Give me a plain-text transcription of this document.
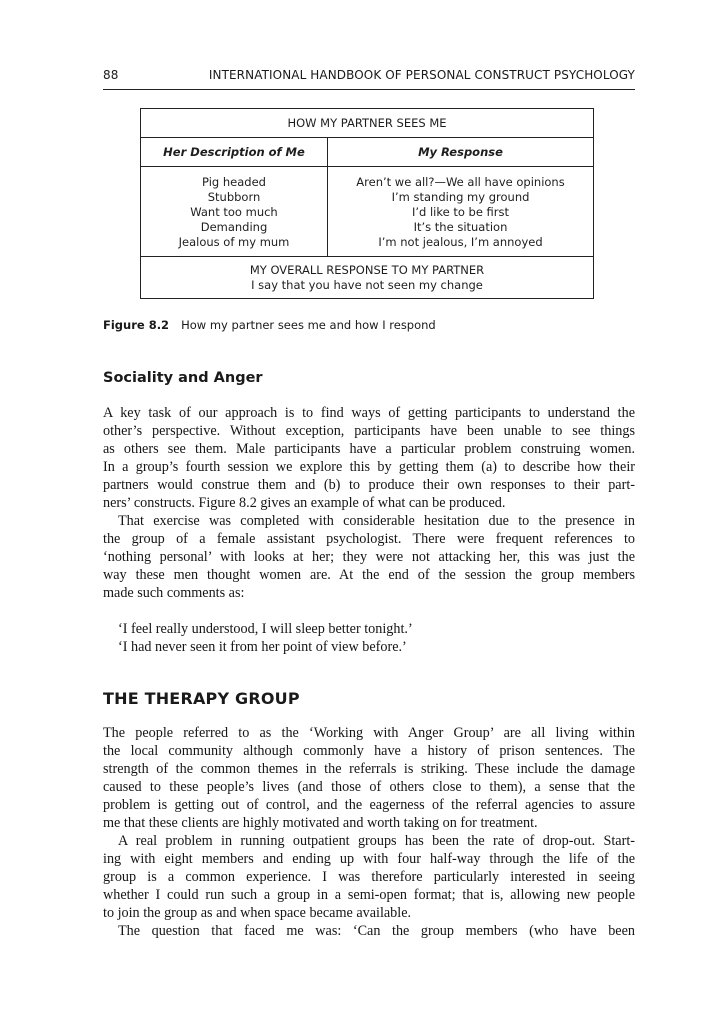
88	INTERNATIONAL HANDBOOK OF PERSONAL CONSTRUCT PSYCHOLOGY
HOW MY PARTNER SEES ME
Her Description of Me	My Response
Pig headed
Stubborn
Want too much
Demanding
Jealous of my mum
Aren’t we all?—We all have opinions
I’m standing my ground
I’d like to be first
It’s the situation
I’m not jealous, I’m annoyed
MY OVERALL RESPONSE TO MY PARTNER
I say that you have not seen my change
Figure 8.2 How my partner sees me and how I respond
Sociality and Anger
A key task of our approach is to find ways of getting participants to understand the
other’s perspective. Without exception, participants have been unable to see things
as others see them. Male participants have a particular problem construing women.
In a group’s fourth session we explore this by getting them (a) to describe how their
partners would construe them and (b) to produce their own responses to their part-
ners’ constructs. Figure 8.2 gives an example of what can be produced.
That exercise was completed with considerable hesitation due to the presence in
the group of a female assistant psychologist. There were frequent references to
‘nothing personal’ with looks at her; they were not attacking her, this was just the
way these men thought women are. At the end of the session the group members
made such comments as:
‘I feel really understood, I will sleep better tonight.’
‘I had never seen it from her point of view before.’
THE THERAPY GROUP
The people referred to as the ‘Working with Anger Group’ are all living within
the local community although commonly have a history of prison sentences. The
strength of the common themes in the referrals is striking. These include the damage
caused to these people’s lives (and those of others close to them), a sense that the
problem is getting out of control, and the eagerness of the referral agencies to assure
me that these clients are highly motivated and worth taking on for treatment.
A real problem in running outpatient groups has been the rate of drop-out. Start-
ing with eight members and ending up with four half-way through the life of the
group is a common experience. I was therefore particularly interested in seeing
whether I could run such a group in a semi-open format; that is, allowing new people
to join the group as and when space became available.
The question that faced me was: ‘Can the group members (who have been
